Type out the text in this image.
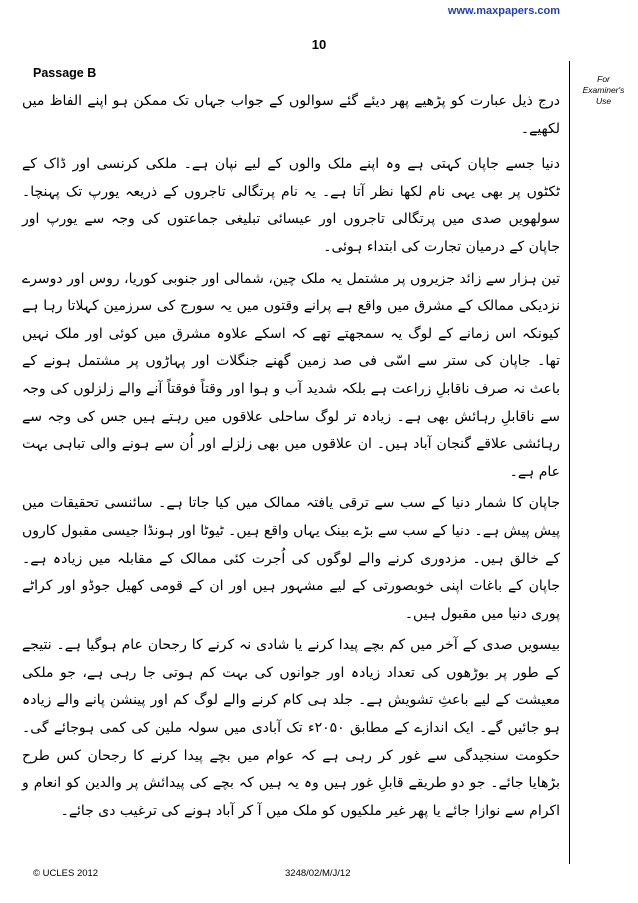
www.maxpapers.com
10
Passage B	For
Examiner's
Use

درج ذیل عبارت کو پڑھیے پھر دیئے گئے سوالوں کے جواب جہاں تک ممکن ہو اپنے الفاظ میں لکھیے۔

دنیا جسے جاپان کہتی ہے وہ اپنے ملک والوں کے لیے نپان ہے۔ ملکی کرنسی اور ڈاک کے ٹکٹوں پر بھی یہی نام لکھا نظر آتا ہے۔ یہ نام پرتگالی تاجروں کے ذریعہ یورپ تک پہنچا۔ سولھویں صدی میں پرتگالی تاجروں اور عیسائی تبلیغی جماعتوں کی وجہ سے یورپ اور جاپان کے درمیان تجارت کی ابتداء ہوئی۔

تین ہزار سے زائد جزیروں پر مشتمل یہ ملک چین، شمالی اور جنوبی کوریا، روس اور دوسرے نزدیکی ممالک کے مشرق میں واقع ہے پرانے وقتوں میں یہ سورج کی سرزمین کہلاتا رہا ہے کیونکہ اس زمانے کے لوگ یہ سمجھتے تھے کہ اسکے علاوہ مشرق میں کوئی اور ملک نہیں تھا۔ جاپان کی ستر سے اسّی فی صد زمین گھنے جنگلات اور پہاڑوں پر مشتمل ہونے کے باعث نہ صرف ناقابلِ زراعت ہے بلکہ شدید آب و ہوا اور وقتاً فوقتاً آنے والے زلزلوں کی وجہ سے ناقابلِ رہائش بھی ہے۔ زیادہ تر لوگ ساحلی علاقوں میں رہتے ہیں جس کی وجہ سے رہائشی علاقے گنجان آباد ہیں۔ ان علاقوں میں بھی زلزلے اور اُن سے ہونے والی تباہی بہت عام ہے۔

جاپان کا شمار دنیا کے سب سے ترقی یافتہ ممالک میں کیا جاتا ہے۔ سائنسی تحقیقات میں پیش پیش ہے۔ دنیا کے سب سے بڑے بینک یہاں واقع ہیں۔ ٹیوٹا اور ہونڈا جیسی مقبول کاروں کے خالق ہیں۔ مزدوری کرنے والے لوگوں کی اُجرت کئی ممالک کے مقابلہ میں زیادہ ہے۔ جاپان کے باغات اپنی خوبصورتی کے لیے مشہور ہیں اور ان کے قومی کھیل جوڈو اور کراٹے پوری دنیا میں مقبول ہیں۔

بیسویں صدی کے آخر میں کم بچے پیدا کرنے یا شادی نہ کرنے کا رجحان عام ہوگیا ہے۔ نتیجے کے طور پر بوڑھوں کی تعداد زیادہ اور جوانوں کی بہت کم ہوتی جا رہی ہے، جو ملکی معیشت کے لیے باعثِ تشویش ہے۔ جلد ہی کام کرنے والے لوگ کم اور پینشن پانے والے زیادہ ہو جائیں گے۔ ایک اندازے کے مطابق ۲۰۵۰ء تک آبادی میں سولہ ملین کی کمی ہوجائے گی۔ حکومت سنجیدگی سے غور کر رہی ہے کہ عوام میں بچے پیدا کرنے کا رجحان کس طرح بڑھایا جائے۔ جو دو طریقے قابلِ غور ہیں وہ یہ ہیں کہ بچے کی پیدائش پر والدین کو انعام و اکرام سے نوازا جائے یا پھر غیر ملکیوں کو ملک میں آ کر آباد ہونے کی ترغیب دی جائے۔

© UCLES 2012	3248/02/M/J/12
